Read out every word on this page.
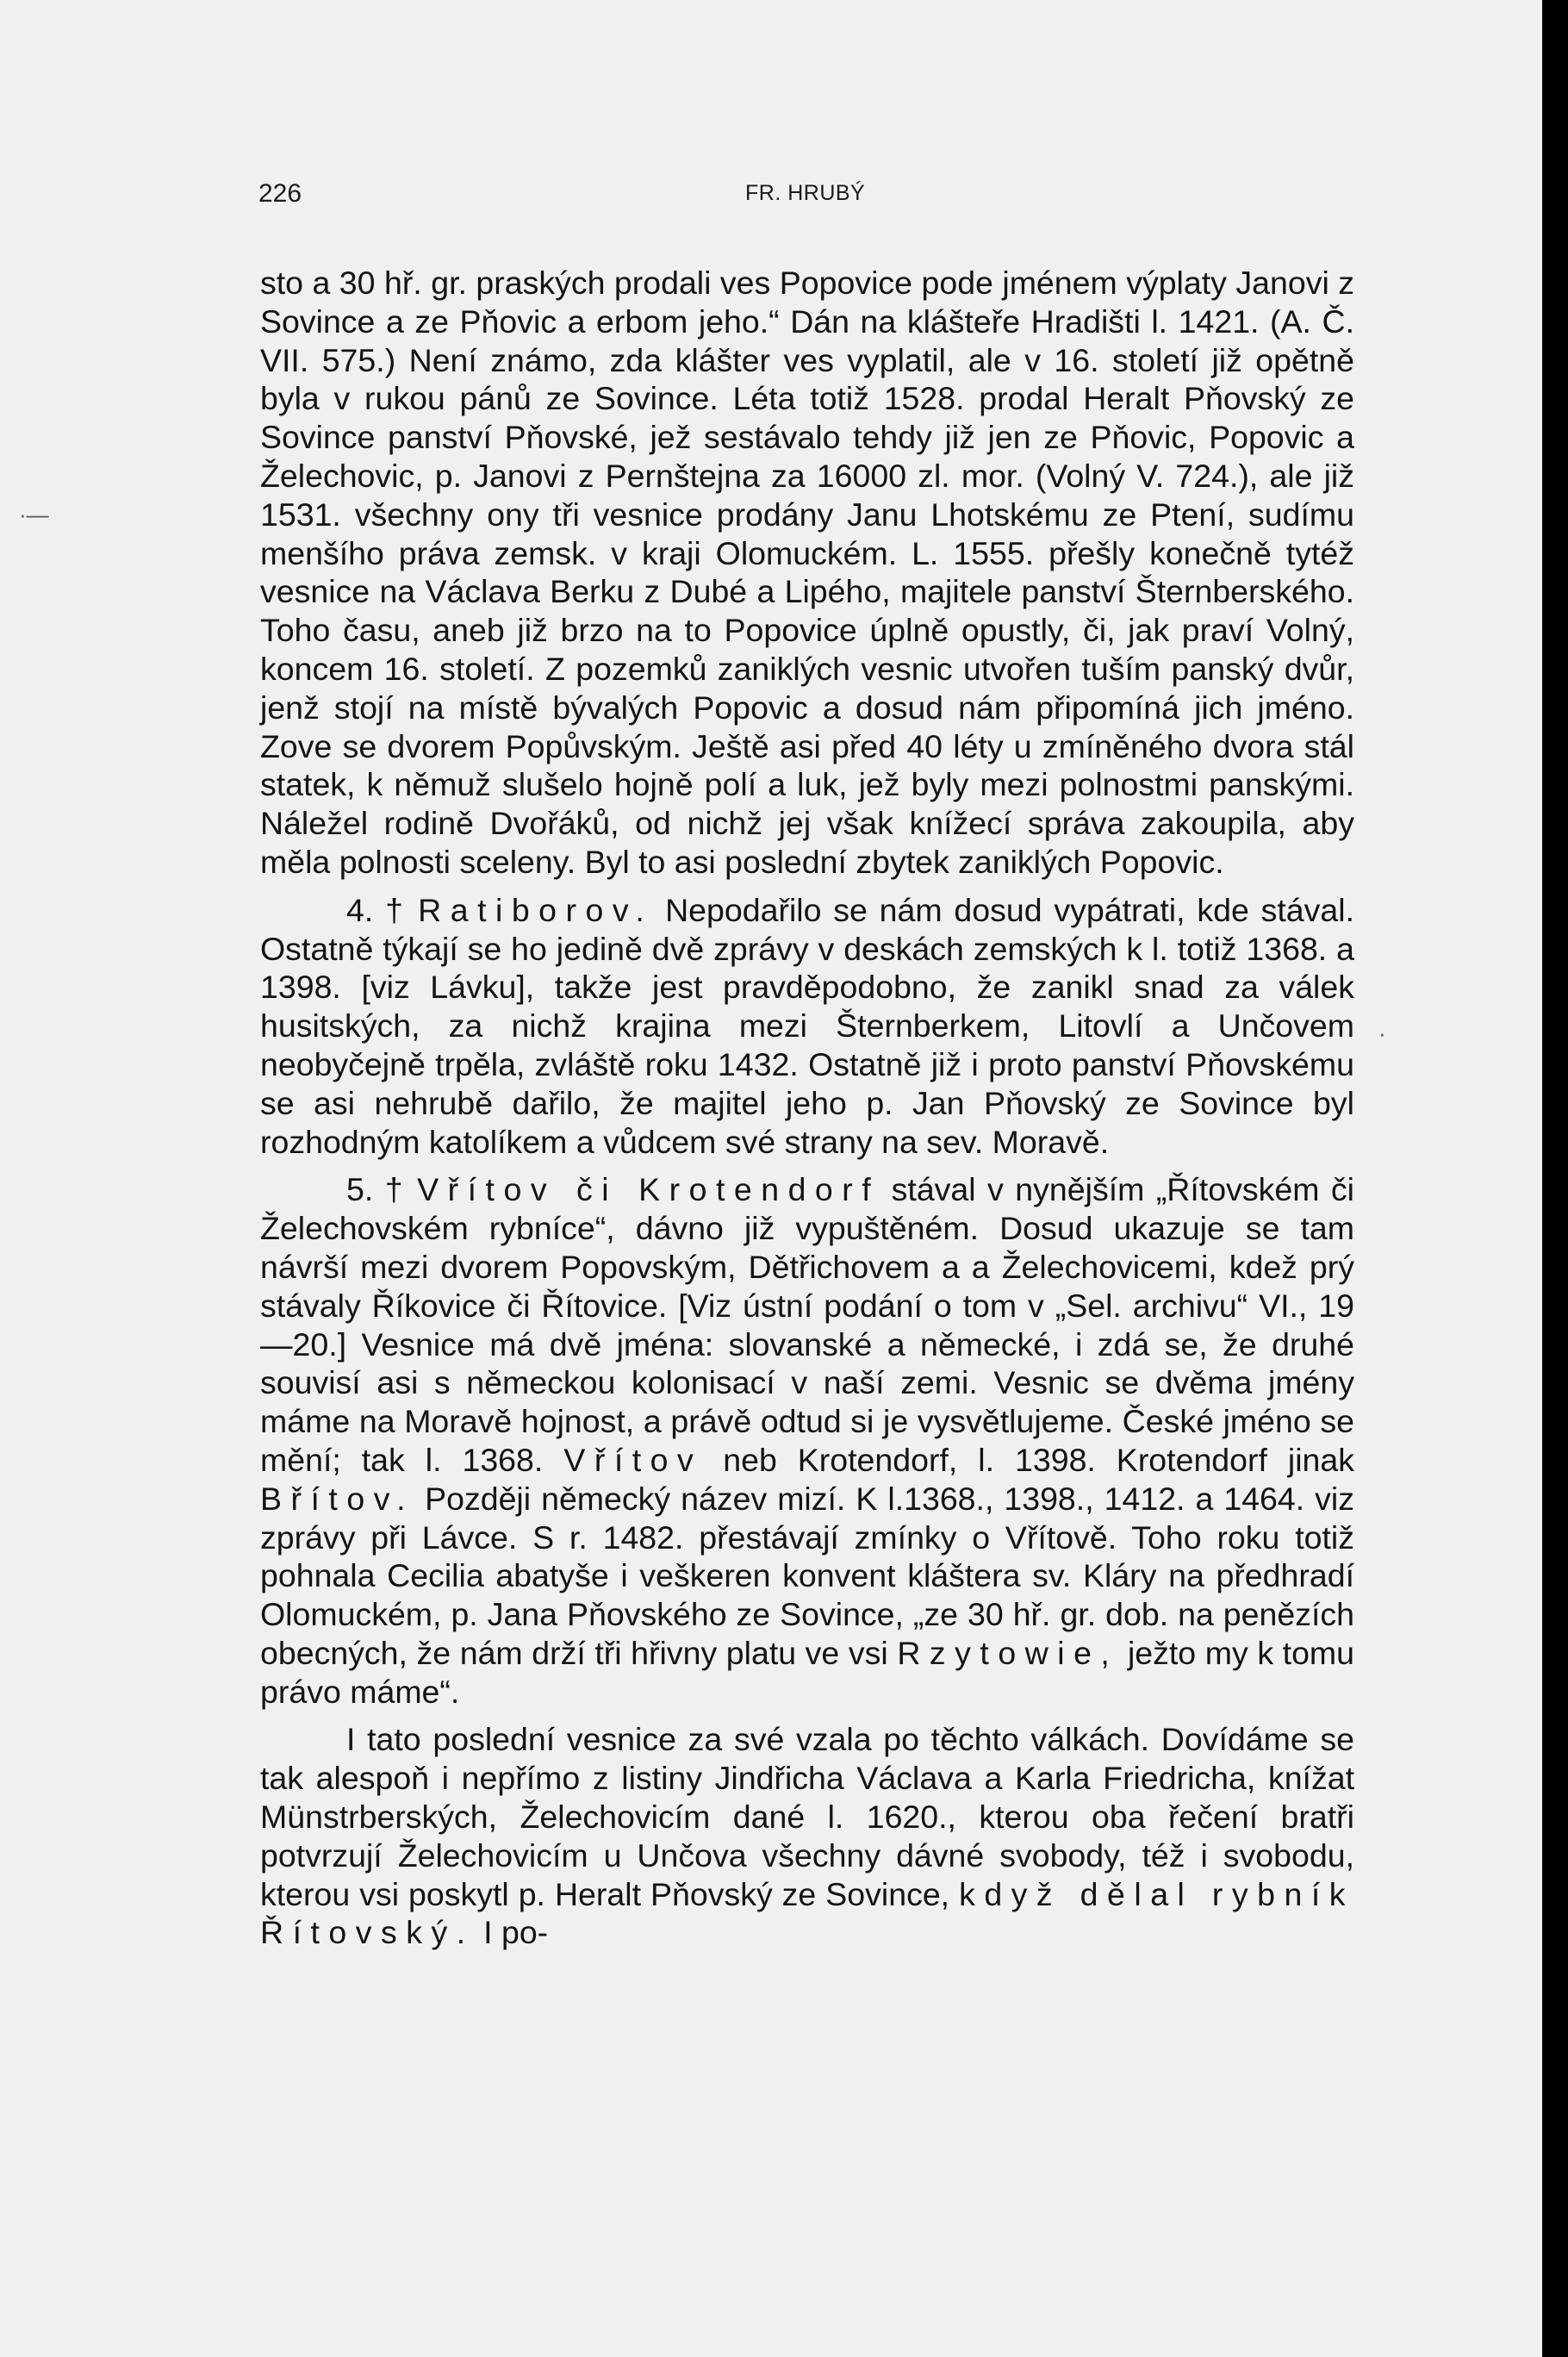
226	FR. HRUBÝ

sto a 30 hř. gr. praských prodali ves Popovice pode jménem výplaty Janovi z Sovince a ze Pňovic a erbom jeho.“ Dán na klášteře Hradišti l. 1421. (A. Č. VII. 575.) Není známo, zda klášter ves vyplatil, ale v 16. století již opětně byla v rukou pánů ze Sovince. Léta totiž 1528. prodal Heralt Pňovský ze Sovince panství Pňovské, jež sestávalo tehdy již jen ze Pňovic, Popovic a Želechovic, p. Janovi z Pernštejna za 16000 zl. mor. (Volný V. 724.), ale již 1531. všechny ony tři vesnice prodány Janu Lhotskému ze Ptení, sudímu menšího práva zemsk. v kraji Olomuckém. L. 1555. přešly konečně tytéž vesnice na Václava Berku z Dubé a Lipého, majitele panství Šternberského. Toho času, aneb již brzo na to Popovice úplně opustly, či, jak praví Volný, koncem 16. století. Z pozemků zaniklých vesnic utvořen tuším panský dvůr, jenž stojí na místě bývalých Popovic a dosud nám připomíná jich jméno. Zove se dvorem Popůvským. Ještě asi před 40 léty u zmíněného dvora stál statek, k němuž slušelo hojně polí a luk, jež byly mezi polnostmi panskými. Náležel rodině Dvořáků, od nichž jej však knížecí správa zakoupila, aby měla polnosti sceleny. Byl to asi poslední zbytek zaniklých Popovic.

4. † Ratiborov. Nepodařilo se nám dosud vypátrati, kde stával. Ostatně týkají se ho jedině dvě zprávy v deskách zemských k l. totiž 1368. a 1398. [viz Lávku], takže jest pravděpodobno, že zanikl snad za válek husitských, za nichž krajina mezi Šternberkem, Litovlí a Unčovem neobyčejně trpěla, zvláště roku 1432. Ostatně již i proto panství Pňovskému se asi nehrubě dařilo, že majitel jeho p. Jan Pňovský ze Sovince byl rozhodným katolíkem a vůdcem své strany na sev. Moravě.

5. † Vřítov či Krotendorf stával v nynějším „Řítovském či Želechovském rybníce“, dávno již vypuštěném. Dosud ukazuje se tam návrší mezi dvorem Popovským, Dětřichovem a a Želechovicemi, kdež prý stávaly Říkovice či Řítovice. [Viz ústní podání o tom v „Sel. archivu“ VI., 19—20.] Vesnice má dvě jména: slovanské a německé, i zdá se, že druhé souvisí asi s německou kolonisací v naší zemi. Vesnic se dvěma jmény máme na Moravě hojnost, a právě odtud si je vysvětlujeme. České jméno se mění; tak l. 1368. Vřítov neb Krotendorf, l. 1398. Krotendorf jinak Břítov. Později německý název mizí. K l.1368., 1398., 1412. a 1464. viz zprávy při Lávce. S r. 1482. přestávají zmínky o Vřítově. Toho roku totiž pohnala Cecilia abatyše i veškeren konvent kláštera sv. Kláry na předhradí Olomuckém, p. Jana Pňovského ze Sovince, „ze 30 hř. gr. dob. na penězích obecných, že nám drží tři hřivny platu ve vsi Rzytowie, ježto my k tomu právo máme“.

I tato poslední vesnice za své vzala po těchto válkách. Dovídáme se tak alespoň i nepřímo z listiny Jindřicha Václava a Karla Friedricha, knížat Münstrberských, Želechovicím dané l. 1620., kterou oba řečení bratři potvrzují Želechovicím u Unčova všechny dávné svobody, též i svobodu, kterou vsi poskytl p. Heralt Pňovský ze Sovince, když dělal rybník Řítovský. I po-

·—
·
